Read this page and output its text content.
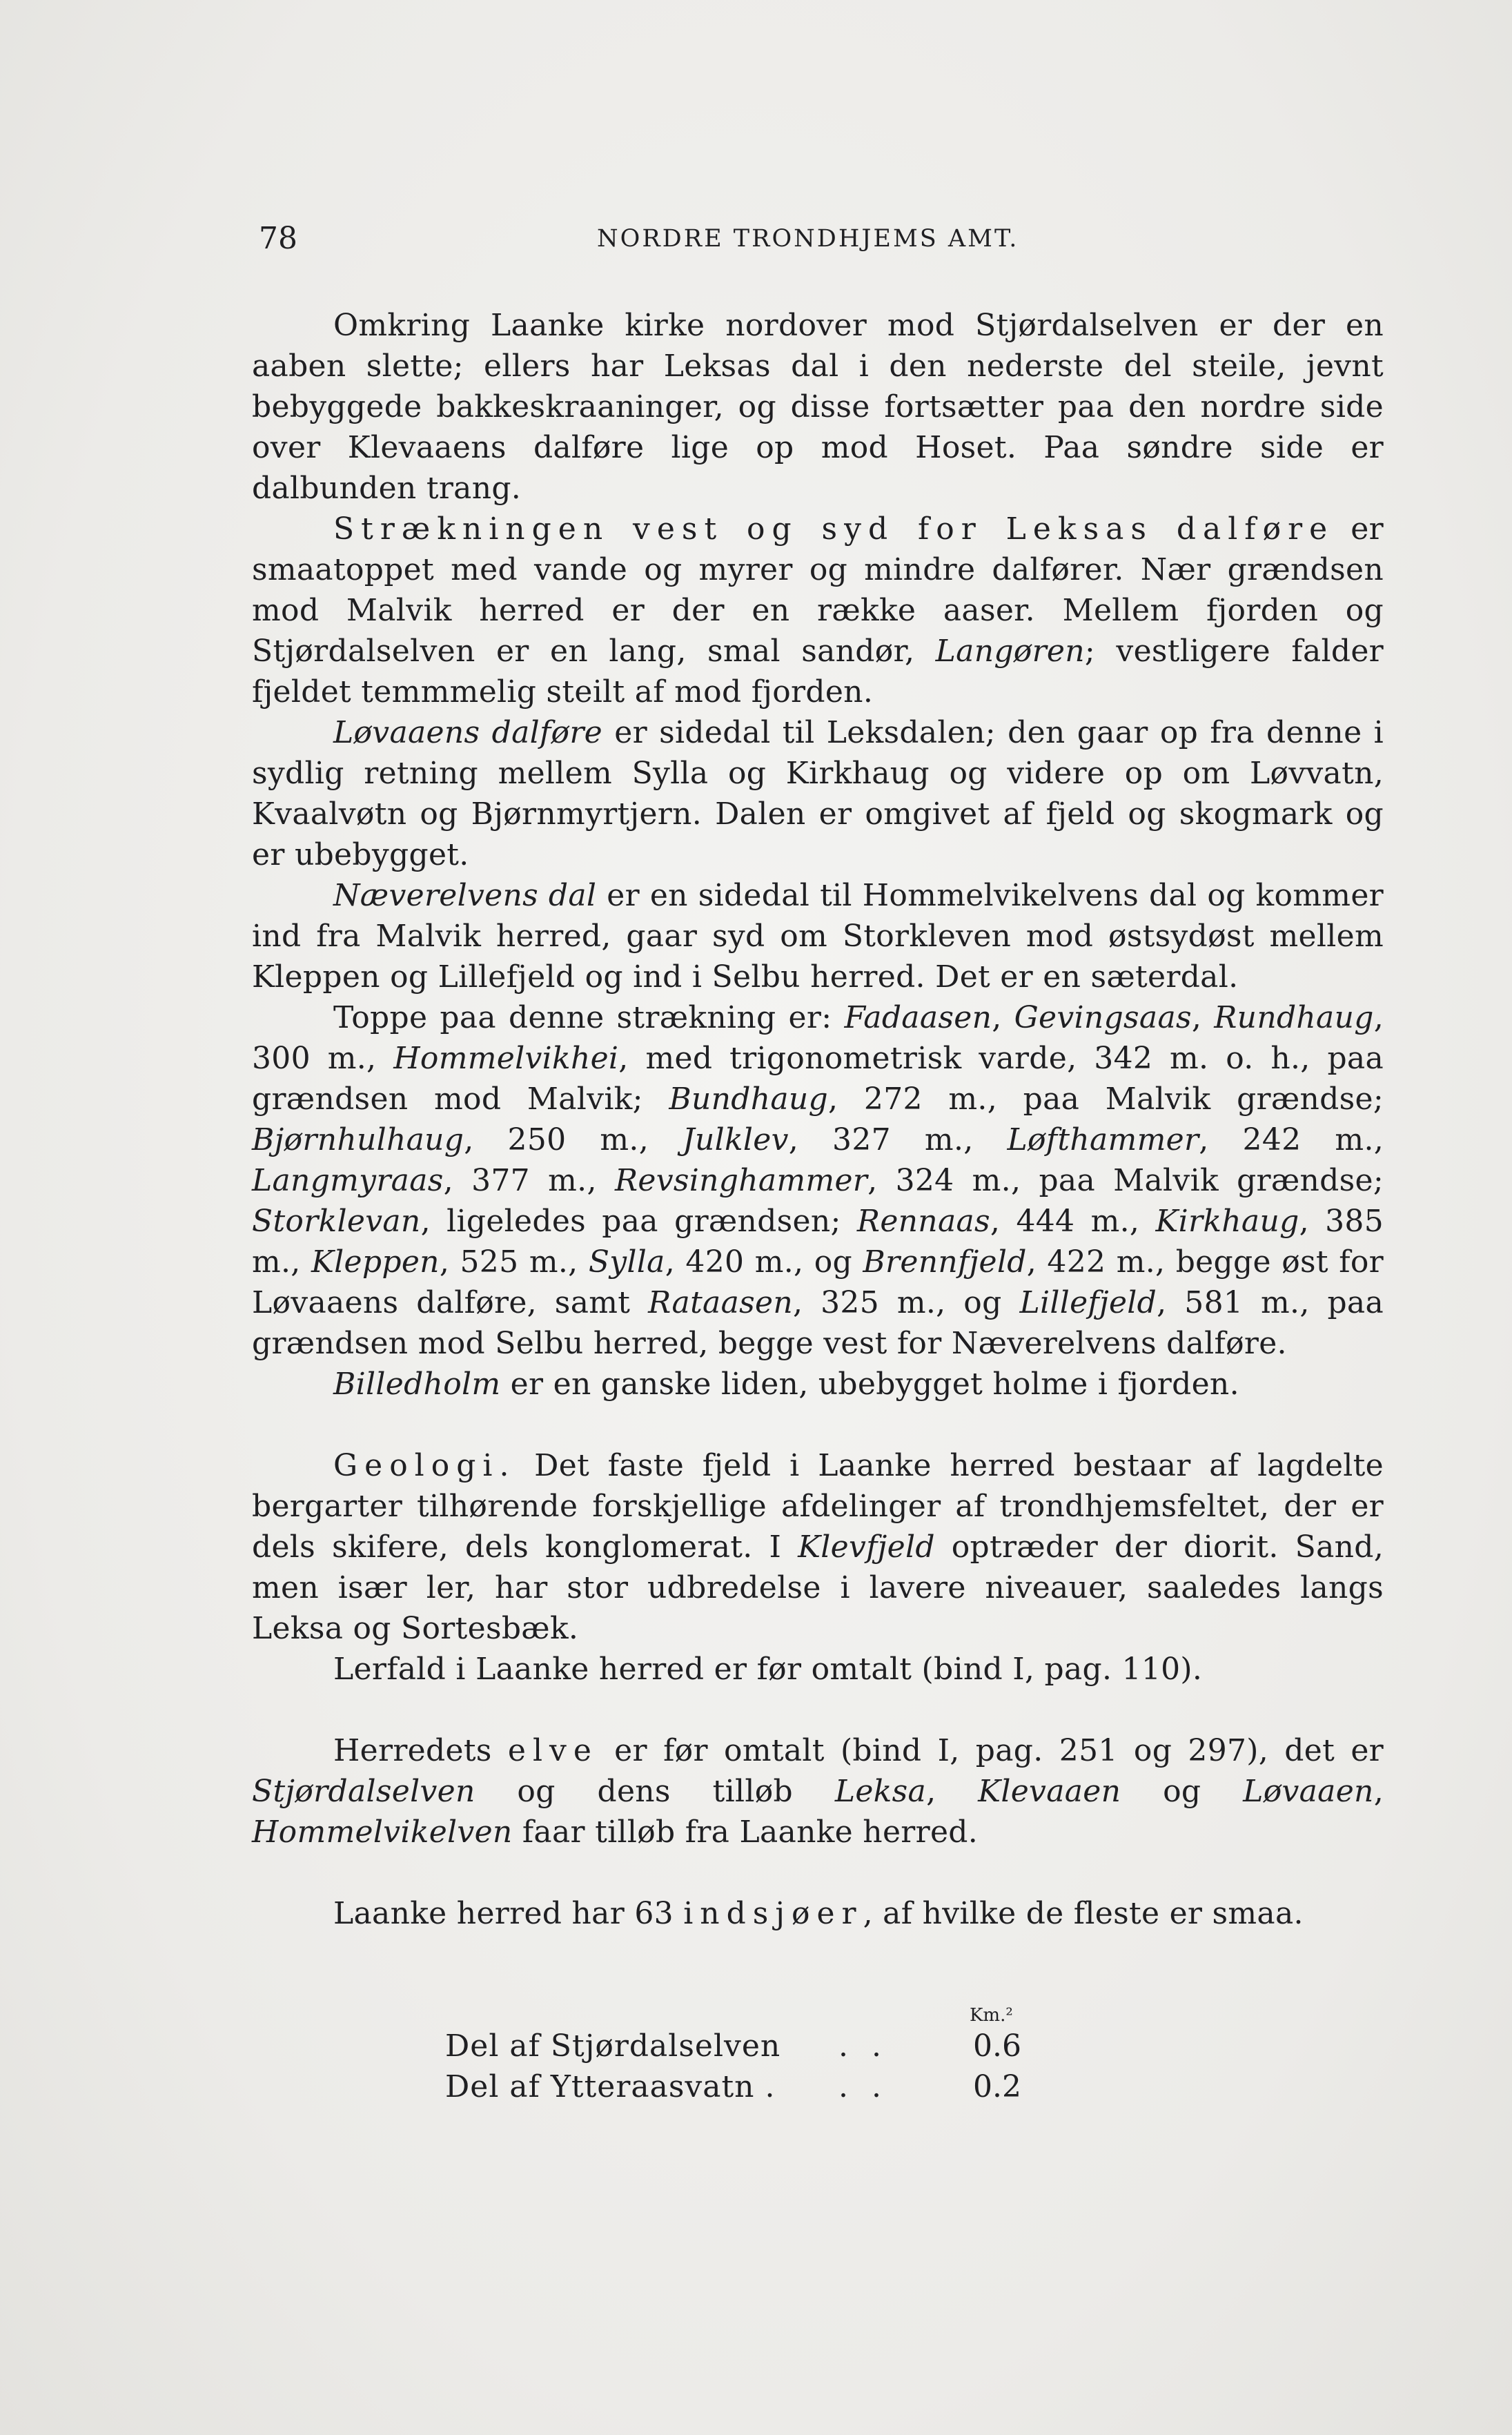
78	NORDRE TRONDHJEMS AMT.

Omkring Laanke kirke nordover mod Stjørdalselven er der en aaben slette; ellers har Leksas dal i den nederste del steile, jevnt bebyggede bakkeskraaninger, og disse fortsætter paa den nordre side over Klevaaens dalføre lige op mod Hoset. Paa søndre side er dalbunden trang.

Strækningen vest og syd for Leksas dalføre er smaatoppet med vande og myrer og mindre dalfører. Nær grændsen mod Malvik herred er der en række aaser. Mellem fjorden og Stjørdalselven er en lang, smal sandør, Langøren; vestligere falder fjeldet temmmelig steilt af mod fjorden.

Løvaaens dalføre er sidedal til Leksdalen; den gaar op fra denne i sydlig retning mellem Sylla og Kirkhaug og videre op om Løvvatn, Kvaalvøtn og Bjørnmyrtjern. Dalen er omgivet af fjeld og skogmark og er ubebygget.

Næverelvens dal er en sidedal til Hommelvikelvens dal og kommer ind fra Malvik herred, gaar syd om Storkleven mod østsydøst mellem Kleppen og Lillefjeld og ind i Selbu herred. Det er en sæterdal.

Toppe paa denne strækning er: Fadaasen, Gevingsaas, Rundhaug, 300 m., Hommelvikhei, med trigonometrisk varde, 342 m. o. h., paa grændsen mod Malvik; Bundhaug, 272 m., paa Malvik grændse; Bjørnhulhaug, 250 m., Julklev, 327 m., Løfthammer, 242 m., Langmyraas, 377 m., Revsinghammer, 324 m., paa Malvik grændse; Storklevan, ligeledes paa grændsen; Rennaas, 444 m., Kirkhaug, 385 m., Kleppen, 525 m., Sylla, 420 m., og Brennfjeld, 422 m., begge øst for Løvaaens dalføre, samt Rataasen, 325 m., og Lillefjeld, 581 m., paa grændsen mod Selbu herred, begge vest for Næverelvens dalføre.

Billedholm er en ganske liden, ubebygget holme i fjorden.

Geologi. Det faste fjeld i Laanke herred bestaar af lagdelte bergarter tilhørende forskjellige afdelinger af trondhjemsfeltet, der er dels skifere, dels konglomerat. I Klevfjeld optræder der diorit. Sand, men især ler, har stor udbredelse i lavere niveauer, saaledes langs Leksa og Sortesbæk.

Lerfald i Laanke herred er før omtalt (bind I, pag. 110).

Herredets elve er før omtalt (bind I, pag. 251 og 297), det er Stjørdalselven og dens tilløb Leksa, Klevaaen og Løvaaen, Hommelvikelven faar tilløb fra Laanke herred.

Laanke herred har 63 indsjøer, af hvilke de fleste er smaa.

Km.²
Del af Stjørdalselven . .	0.6
Del af Ytteraasvatn . . .	0.2
